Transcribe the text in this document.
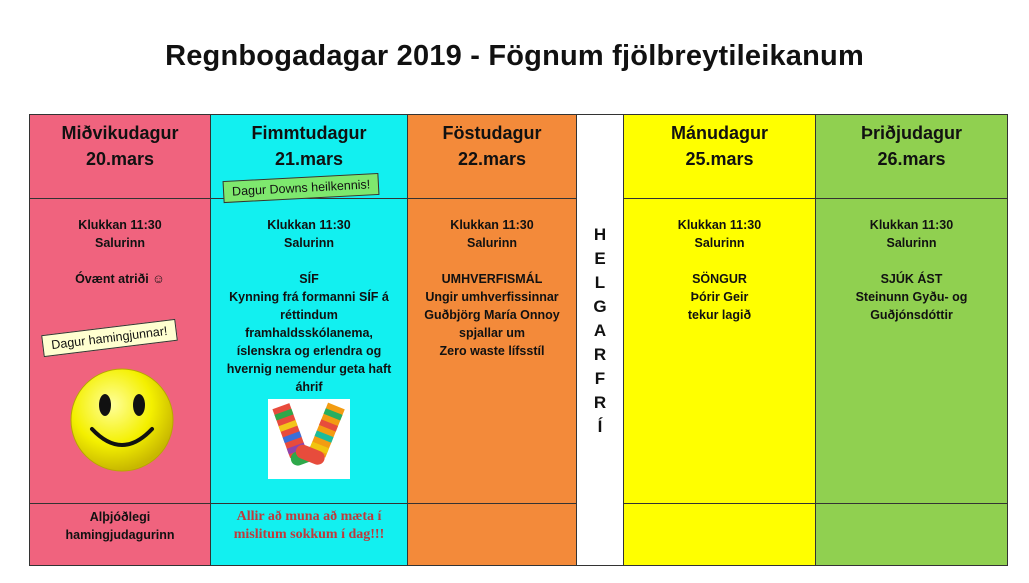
Regnbogadagar 2019 - Fögnum fjölbreytileikanum
Miðvikudagur
20.mars
Klukkan 11:30
Salurinn
Óvænt atriði ☺
Dagur hamingjunnar!
Alþjóðlegi
hamingjudagurinn
Fimmtudagur
21.mars
Dagur Downs heilkennis!
Klukkan 11:30
Salurinn
SÍF
Kynning frá formanni SÍF á
réttindum
framhaldsskólanema,
íslenskra og erlendra og
hvernig nemendur geta haft
áhrif
Allir að muna að mæta í
mislitum sokkum í dag!!!
Föstudagur
22.mars
Klukkan 11:30
Salurinn
UMHVERFISMÁL
Ungir umhverfissinnar
Guðbjörg María Onnoy
spjallar um
Zero waste lífsstíl
H
E
L
G
A
R
F
R
Í
Mánudagur
25.mars
Klukkan 11:30
Salurinn
SÖNGUR
Þórir Geir
tekur lagið
Þriðjudagur
26.mars
Klukkan 11:30
Salurinn
SJÚK ÁST
Steinunn Gyðu- og
Guðjónsdóttir
